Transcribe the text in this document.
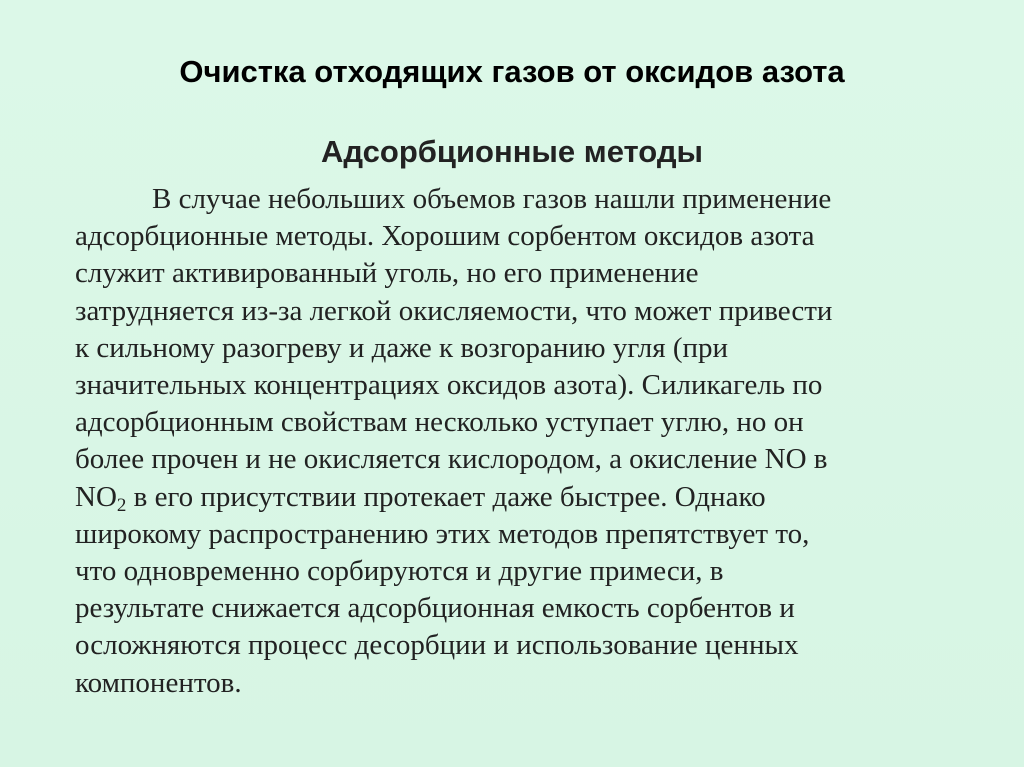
Очистка отходящих газов от оксидов азота
Адсорбционные методы
В случае небольших объемов газов нашли применение
адсорбционные методы. Хорошим сорбентом оксидов азота
служит активированный уголь, но его применение
затрудняется из-за легкой окисляемости, что может привести
к сильному разогреву и даже к возгоранию угля (при
значительных концентрациях оксидов азота). Силикагель по
адсорбционным свойствам несколько уступает углю, но он
более прочен и не окисляется кислородом, а окисление NO в
$NO_2$ в его присутствии протекает даже быстрее. Однако
широкому распространению этих методов препятствует то,
что одновременно сорбируются и другие примеси, в
результате снижается адсорбционная емкость сорбентов и
осложняются процесс десорбции и использование ценных
компонентов.
